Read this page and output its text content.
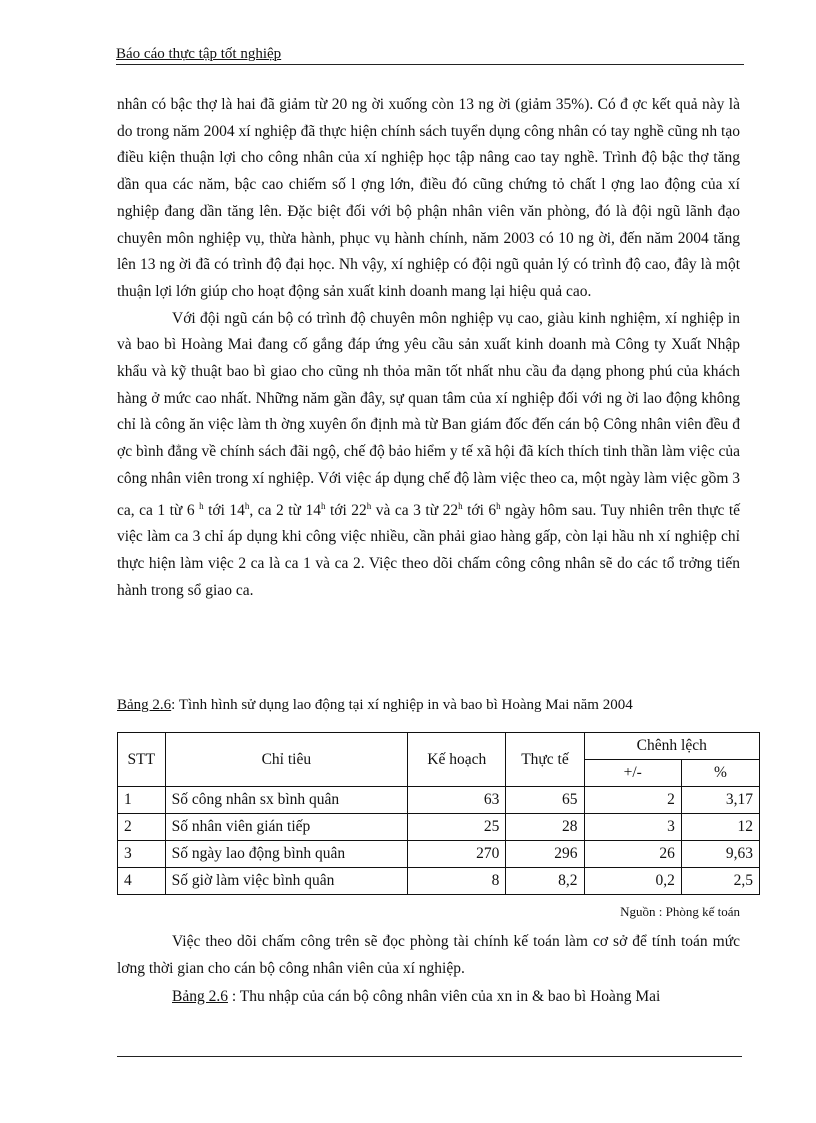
Báo cáo thực tập tốt nghiệp

nhân có bậc thợ là hai đã giảm từ 20 ng ời xuống còn 13 ng ời (giảm 35%). Có đ ợc kết quả này là do trong năm 2004 xí nghiệp đã thực hiện chính sách tuyển dụng công nhân có tay nghề cũng nh tạo điều kiện thuận lợi cho công nhân của xí nghiệp học tập nâng cao tay nghề. Trình độ bậc thợ tăng dần qua các năm, bậc cao chiếm số l ợng lớn, điều đó cũng chứng tỏ chất l ợng lao động của xí nghiệp đang dần tăng lên. Đặc biệt đối với bộ phận nhân viên văn phòng, đó là đội ngũ lãnh đạo chuyên môn nghiệp vụ, thừa hành, phục vụ hành chính, năm 2003 có 10 ng ời, đến năm 2004 tăng lên 13 ng ời đã có trình độ đại học. Nh vậy, xí nghiệp có đội ngũ quản lý có trình độ cao, đây là một thuận lợi lớn giúp cho hoạt động sản xuất kinh doanh mang lại hiệu quả cao.

Với đội ngũ cán bộ có trình độ chuyên môn nghiệp vụ cao, giàu kinh nghiệm, xí nghiệp in và bao bì Hoàng Mai đang cố gắng đáp ứng yêu cầu sản xuất kinh doanh mà Công ty Xuất Nhập khẩu và kỹ thuật bao bì giao cho cũng nh thỏa mãn tốt nhất nhu cầu đa dạng phong phú của khách hàng ở mức cao nhất. Những năm gần đây, sự quan tâm của xí nghiệp đối với ng ời lao động không chỉ là công ăn việc làm th ờng xuyên ổn định mà từ Ban giám đốc đến cán bộ Công nhân viên đều đ ợc bình đẳng về chính sách đãi ngộ, chế độ bảo hiểm y tế xã hội đã kích thích tinh thần làm việc của công nhân viên trong xí nghiệp. Với việc áp dụng chế độ làm việc theo ca, một ngày làm việc gồm 3 ca, ca 1 từ 6 $^h$ tới 14$^h$, ca 2 từ 14$^h$ tới 22$^h$ và ca 3 từ 22$^h$ tới 6$^h$ ngày hôm sau. Tuy nhiên trên thực tế việc làm ca 3 chỉ áp dụng khi công việc nhiều, cần phải giao hàng gấp, còn lại hầu nh xí nghiệp chỉ thực hiện làm việc 2 ca là ca 1 và ca 2. Việc theo dõi chấm công công nhân sẽ do các tổ trởng tiến hành trong sổ giao ca.

Bảng 2.6: Tình hình sử dụng lao động tại xí nghiệp in và bao bì Hoàng Mai năm 2004
STT	Chỉ tiêu	Kế hoạch	Thực tế	Chênh lệch	
				+/-	%
1	Số công nhân sx bình quân	63	65	2	3,17
2	Số nhân viên gián tiếp	25	28	3	12
3	Số ngày lao động bình quân	270	296	26	9,63
4	Số giờ làm việc bình quân	8	8,2	0,2	2,5
Nguồn : Phòng kế toán

Việc theo dõi chấm công trên sẽ đọc phòng tài chính kế toán làm cơ sở để tính toán mức lơng thời gian cho cán bộ công nhân viên của xí nghiệp.

Bảng 2.6 : Thu nhập của cán bộ công nhân viên của xn in & bao bì Hoàng Mai
